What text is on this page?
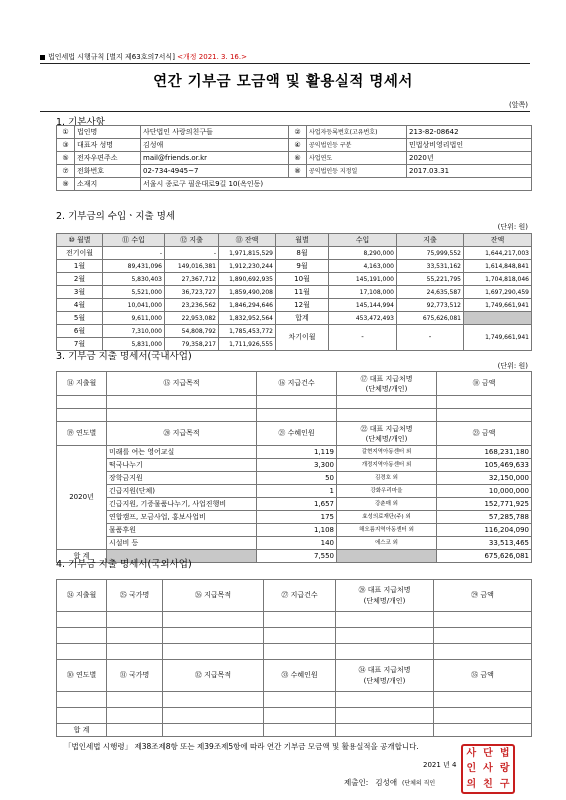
법인세법 시행규칙 [별지 제63호의7서식] <개정 2021. 3. 16.>
연간 기부금 모금액 및 활용실적 명세서
(앞쪽)
1. 기본사항
①	법인명	사단법인 사랑의친구들	②	사업자등록번호(고유번호)	213-82-08642
③	대표자 성명	김성애	④	공익법인등 구분	민법상비영리법인
⑤	전자우편주소	mail@friends.or.kr	⑥	사업연도	2020년
⑦	전화번호	02-734-4945~7	⑧	공익법인등 지정일	2017.03.31
⑨	소재지	서울시 종로구 필운대로9길 10(옥인동)			
2. 기부금의 수입ㆍ지출 명세
(단위: 원)
⑩ 월별	⑪ 수입	⑫ 지출	⑬ 잔액	월별	수입	지출	잔액
전기이월	-	-	1,971,815,529	8월	8,290,000	75,999,552	1,644,217,003
1월	89,431,096	149,016,381	1,912,230,244	9월	4,163,000	33,531,162	1,614,848,841
2월	5,830,403	27,367,712	1,890,692,935	10월	145,191,000	55,221,795	1,704,818,046
3월	5,521,000	36,723,727	1,859,490,208	11월	17,108,000	24,635,587	1,697,290,459
4월	10,041,000	23,236,562	1,846,294,646	12월	145,144,994	92,773,512	1,749,661,941
5월	9,611,000	22,953,082	1,832,952,564	합계	453,472,493	675,626,081	
6월	7,310,000	54,808,792	1,785,453,772	차기이월	-	-	1,749,661,941
7월	5,831,000	79,358,217	1,711,926,555				
3. 기부금 지출 명세서(국내사업)
(단위: 원)
⑭ 지출월	⑮ 지급목적	⑯ 지급건수	⑰ 대표 지급처명
(단체명/개인)	⑱ 금액

⑲ 연도별	⑳ 지급목적	㉑ 수혜인원	㉒ 대표 지급처명
(단체명/개인)	㉓ 금액
2020년	미래를 여는 영어교실	1,119	갈현지역아동센터 외	168,231,180
	떡국나누기	3,300	개정지역아동센터 외	105,469,633
	장학금지원	50	김경호 외	32,150,000
	긴급지원(단체)	1	강화우리마을	10,000,000
	긴급지원, 기증물품나누기, 사업진행비	1,657	강춘매 외	152,771,925
	연합캠프, 모금사업, 홍보사업비	175	효성의료재단(주) 외	57,285,788
	물품후원	1,108	해오름지역아동센터 외	116,204,090
	시설비 등	140	에스코 외	33,513,465
합 계		7,550		675,626,081
4. 기부금 지출 명세서(국외사업)
㉔ 지출월	㉕ 국가명	㉖ 지급목적	㉗ 지급건수	㉘ 대표 지급처명
(단체명/개인)	㉙ 금액

㉚ 연도별	㉛ 국가명	㉜ 지급목적	㉝ 수혜인원	㉞ 대표 지급처명
(단체명/개인)	㉟ 금액

합 계					
「법인세법 시행령」 제38조제8항 또는 제39조제5항에 따라 연간 기부금 모금액 및 활용실적을 공개합니다.
2021 년 4
제출인: 김성애 (단체의 직인
사 단 법
인 사 랑
의 친 구
